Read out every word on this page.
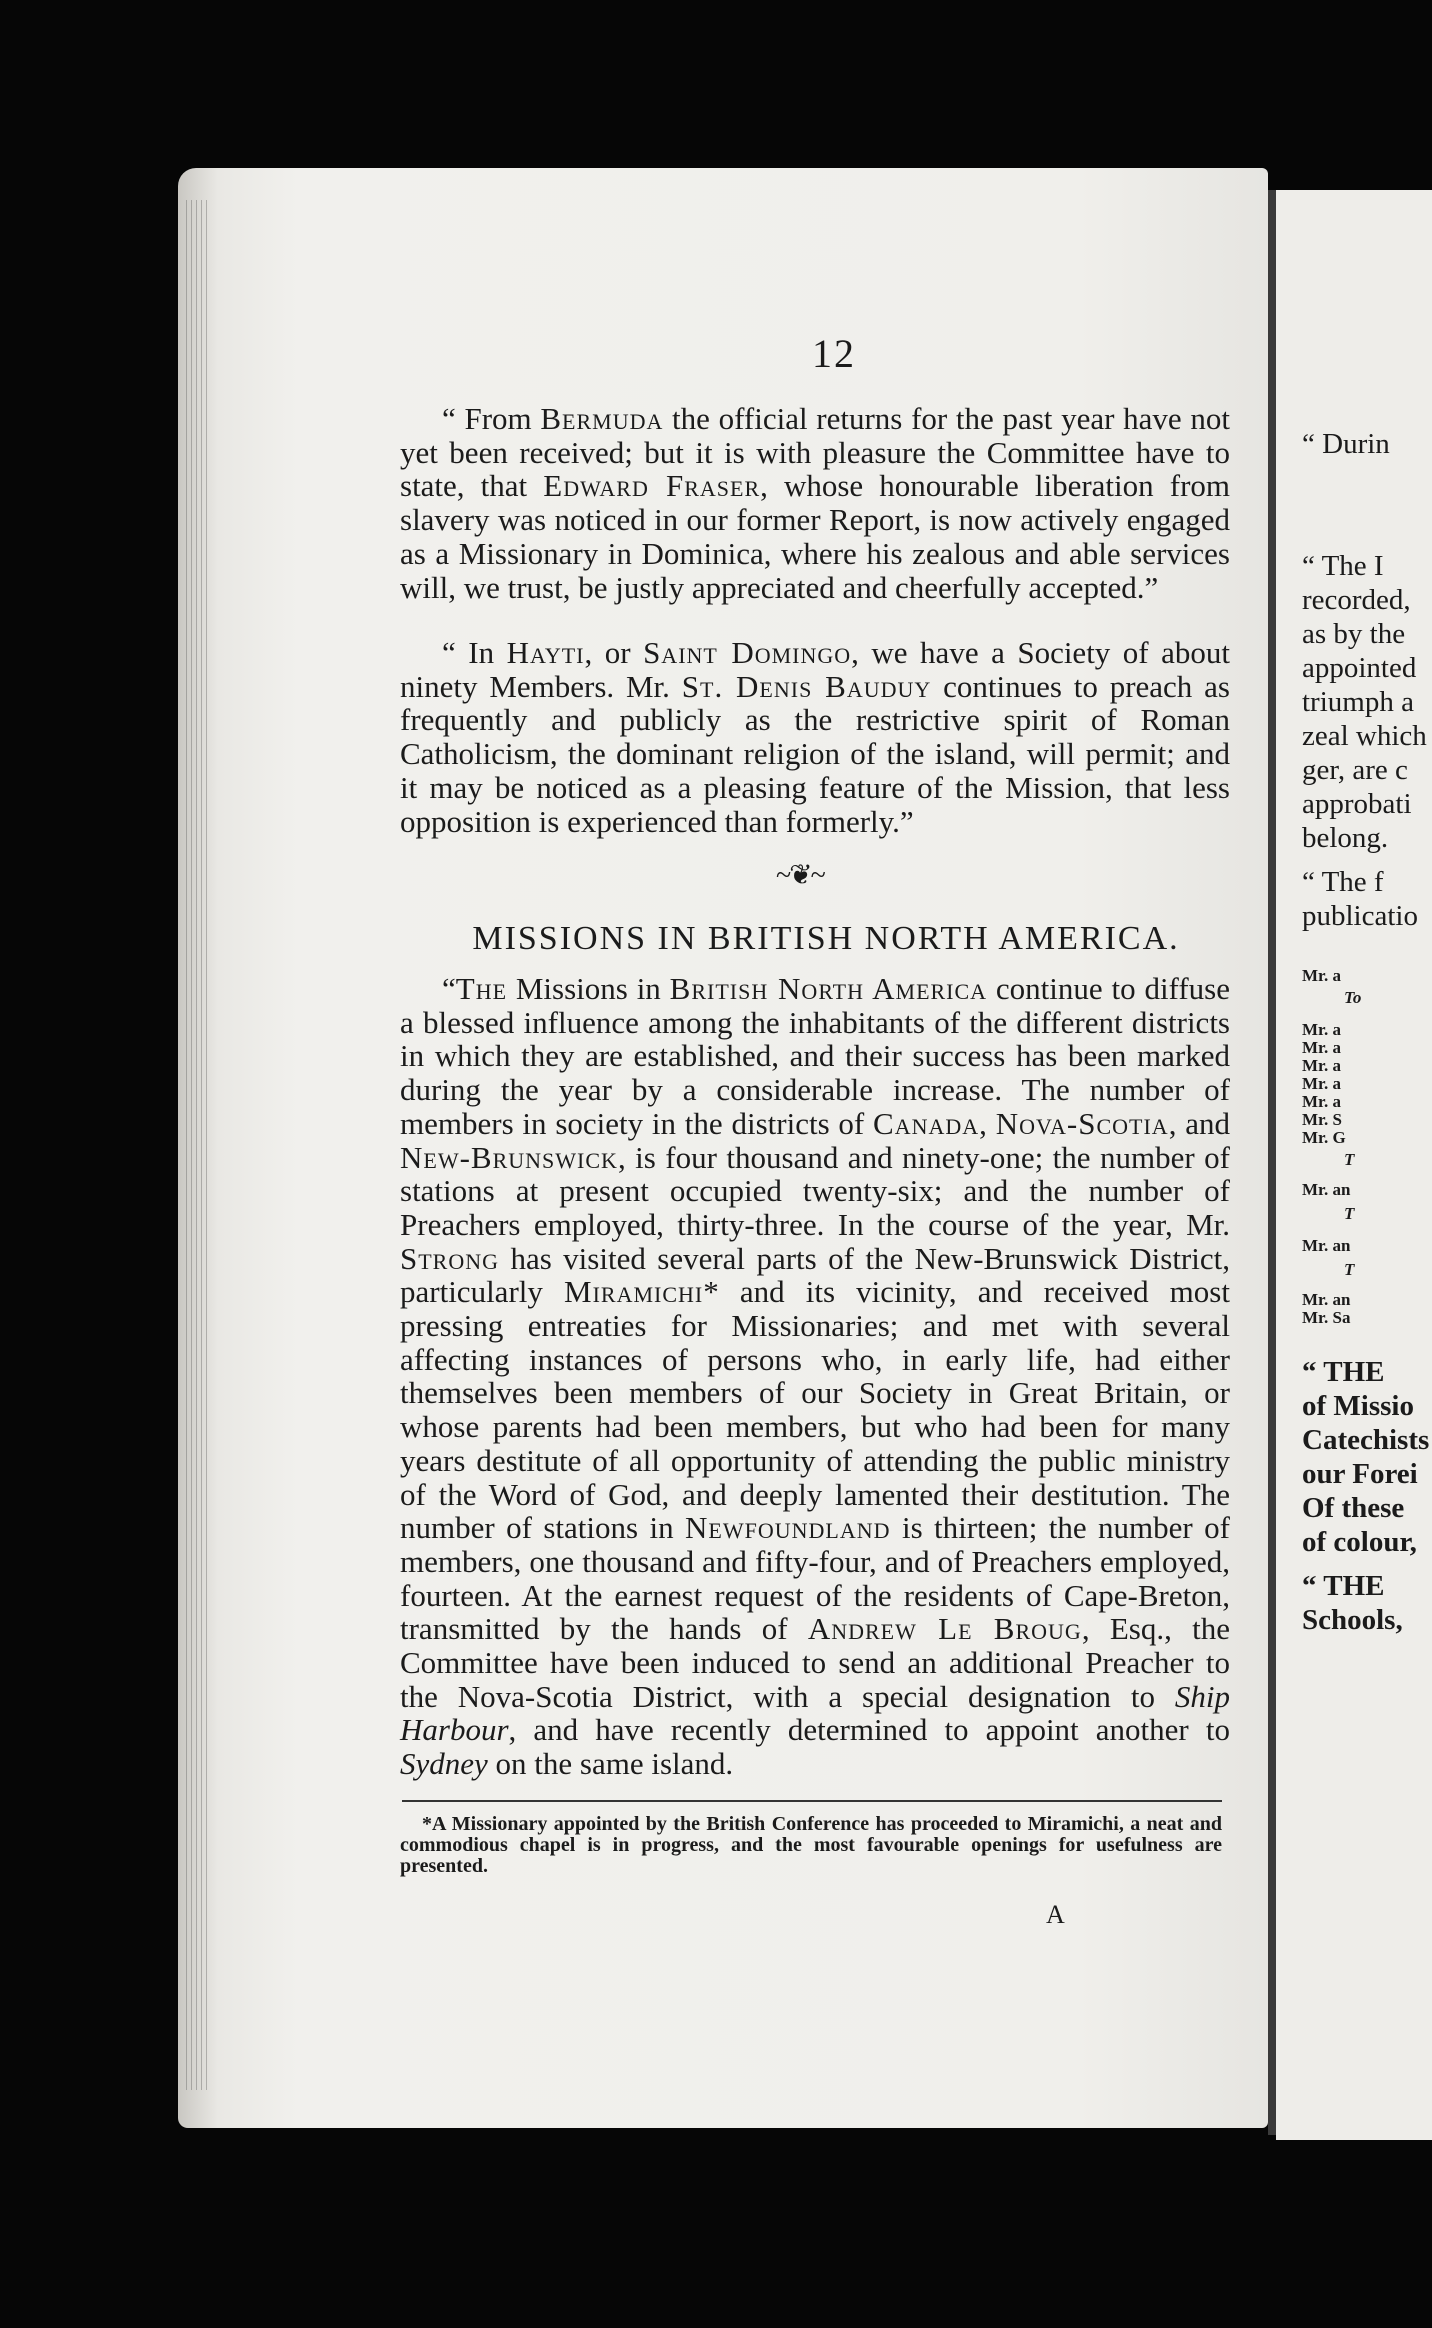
12

“ From Bermuda the official returns for the past year have not yet been received; but it is with pleasure the Committee have to state, that Edward Fraser, whose honourable liberation from slavery was noticed in our former Report, is now actively engaged as a Missionary in Dominica, where his zealous and able services will, we trust, be justly appreciated and cheerfully accepted.”

“ In Hayti, or Saint Domingo, we have a Society of about ninety Members. Mr. St. Denis Bauduy continues to preach as frequently and publicly as the restrictive spirit of Roman Catholicism, the dominant religion of the island, will permit; and it may be noticed as a pleasing feature of the Mission, that less opposition is experienced than formerly.”

~❦~
MISSIONS IN BRITISH NORTH AMERICA.

“The Missions in British North America continue to diffuse a blessed influence among the inhabitants of the different districts in which they are established, and their success has been marked during the year by a considerable increase. The number of members in society in the districts of Canada, Nova-Scotia, and New-Brunswick, is four thousand and ninety-one; the number of stations at present occupied twenty-six; and the number of Preachers employed, thirty-three. In the course of the year, Mr. Strong has visited several parts of the New-Brunswick District, particularly Miramichi* and its vicinity, and received most pressing entreaties for Missionaries; and met with several affecting instances of persons who, in early life, had either themselves been members of our Society in Great Britain, or whose parents had been members, but who had been for many years destitute of all opportunity of attending the public ministry of the Word of God, and deeply lamented their destitution. The number of stations in Newfoundland is thirteen; the number of members, one thousand and fifty-four, and of Preachers employed, fourteen. At the earnest request of the residents of Cape-Breton, transmitted by the hands of Andrew Le Broug, Esq., the Committee have been induced to send an additional Preacher to the Nova-Scotia District, with a special designation to Ship Harbour, and have recently determined to appoint another to Sydney on the same island.

*A Missionary appointed by the British Conference has proceeded to Miramichi, a neat and commodious chapel is in progress, and the most favourable openings for usefulness are presented.

A
“ Durin
“ The I
recorded,
as by the
appointed
triumph a
zeal which
ger, are c
approbati
belong.
“ The f
publicatio
Mr. a
To
Mr. a
Mr. a
Mr. a
Mr. a
Mr. a
Mr. S
Mr. G
T
Mr. an
T
Mr. an
T
Mr. an
Mr. Sa
“ THE
of Missio
Catechists
our Forei
Of these
of colour,
“ THE
Schools,
